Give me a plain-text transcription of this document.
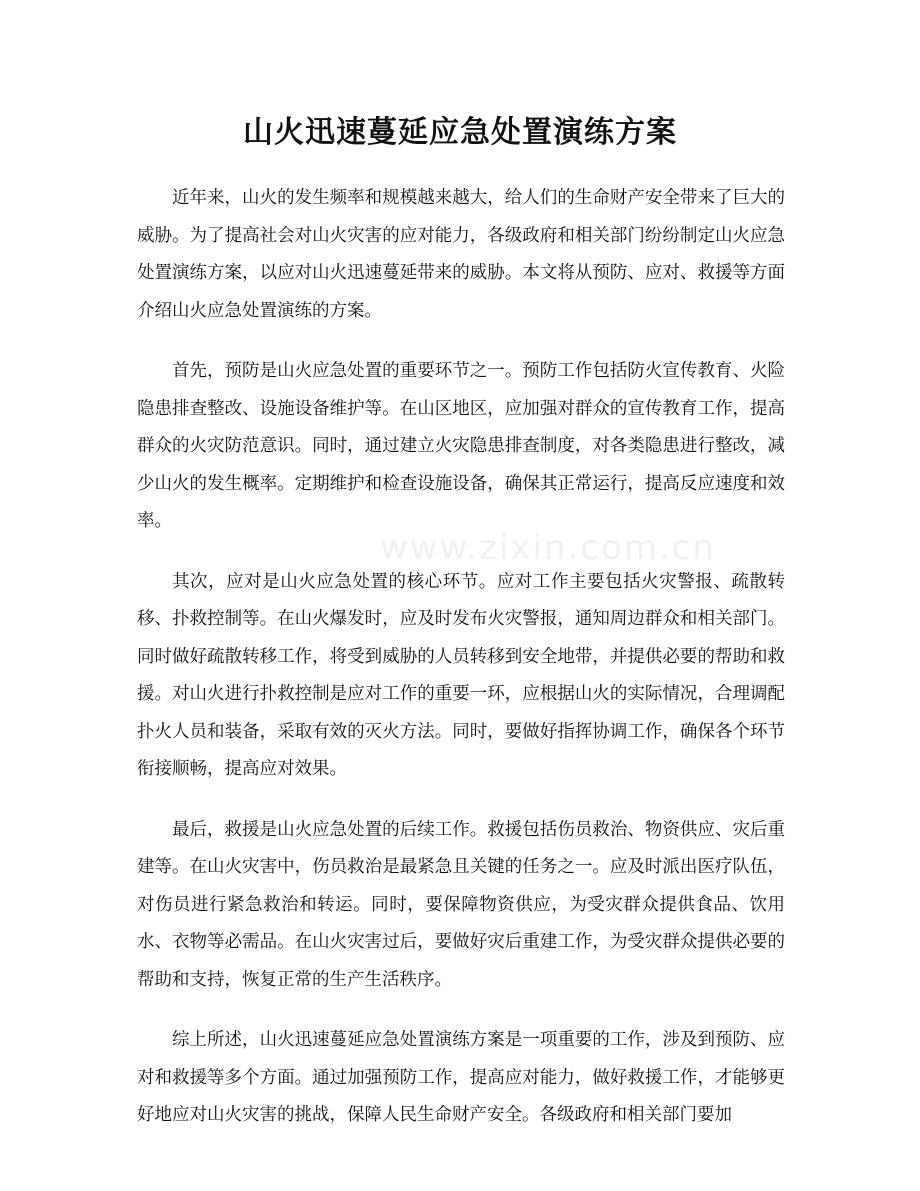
山火迅速蔓延应急处置演练方案
www.zixin.com.cn

近年来，山火的发生频率和规模越来越大，给人们的生命财产安全带来了巨大的威胁。为了提高社会对山火灾害的应对能力，各级政府和相关部门纷纷制定山火应急处置演练方案，以应对山火迅速蔓延带来的威胁。本文将从预防、应对、救援等方面介绍山火应急处置演练的方案。

首先，预防是山火应急处置的重要环节之一。预防工作包括防火宣传教育、火险隐患排查整改、设施设备维护等。在山区地区，应加强对群众的宣传教育工作，提高群众的火灾防范意识。同时，通过建立火灾隐患排查制度，对各类隐患进行整改，减少山火的发生概率。定期维护和检查设施设备，确保其正常运行，提高反应速度和效率。

其次，应对是山火应急处置的核心环节。应对工作主要包括火灾警报、疏散转移、扑救控制等。在山火爆发时，应及时发布火灾警报，通知周边群众和相关部门。同时做好疏散转移工作，将受到威胁的人员转移到安全地带，并提供必要的帮助和救援。对山火进行扑救控制是应对工作的重要一环，应根据山火的实际情况，合理调配扑火人员和装备，采取有效的灭火方法。同时，要做好指挥协调工作，确保各个环节衔接顺畅，提高应对效果。

最后，救援是山火应急处置的后续工作。救援包括伤员救治、物资供应、灾后重建等。在山火灾害中，伤员救治是最紧急且关键的任务之一。应及时派出医疗队伍，对伤员进行紧急救治和转运。同时，要保障物资供应，为受灾群众提供食品、饮用水、衣物等必需品。在山火灾害过后，要做好灾后重建工作，为受灾群众提供必要的帮助和支持，恢复正常的生产生活秩序。

综上所述，山火迅速蔓延应急处置演练方案是一项重要的工作，涉及到预防、应对和救援等多个方面。通过加强预防工作，提高应对能力，做好救援工作，才能够更好地应对山火灾害的挑战，保障人民生命财产安全。各级政府和相关部门要加
